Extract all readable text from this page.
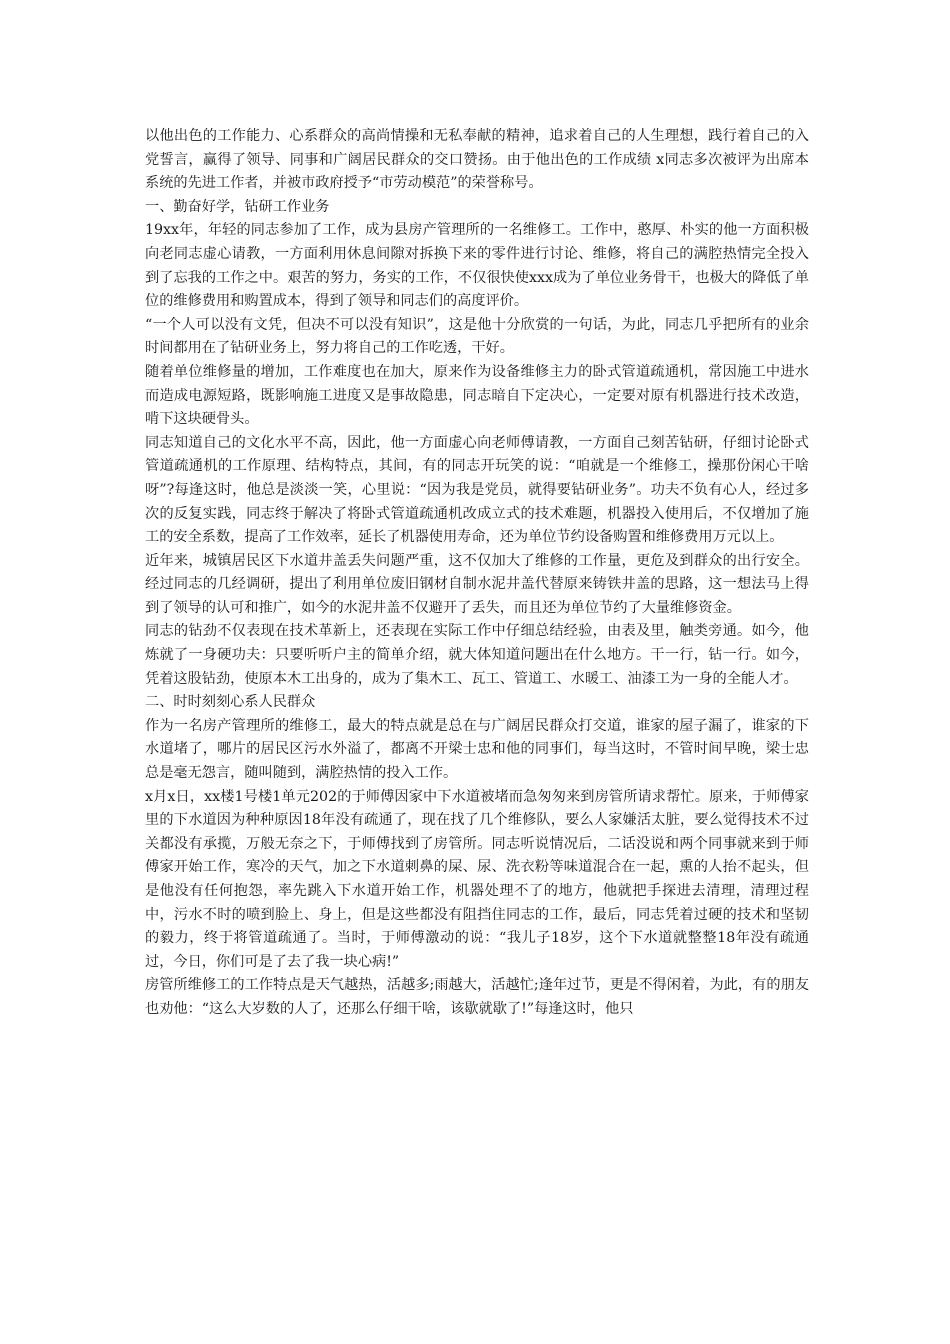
以他出色的工作能力、心系群众的高尚情操和无私奉献的精神，追求着自己的人生理想，践行着自己的入党誓言，赢得了领导、同事和广阔居民群众的交口赞扬。由于他出色的工作成绩 x同志多次被评为出席本系统的先进工作者，并被市政府授予“市劳动模范”的荣誉称号。

一、勤奋好学，钻研工作业务

19xx年，年轻的同志参加了工作，成为县房产管理所的一名维修工。工作中，憨厚、朴实的他一方面积极向老同志虚心请教，一方面利用休息间隙对拆换下来的零件进行讨论、维修，将自己的满腔热情完全投入到了忘我的工作之中。艰苦的努力，务实的工作，不仅很快使xxx成为了单位业务骨干，也极大的降低了单位的维修费用和购置成本，得到了领导和同志们的高度评价。

“一个人可以没有文凭，但决不可以没有知识”，这是他十分欣赏的一句话，为此，同志几乎把所有的业余时间都用在了钻研业务上，努力将自己的工作吃透，干好。

随着单位维修量的增加，工作难度也在加大，原来作为设备维修主力的卧式管道疏通机，常因施工中进水而造成电源短路，既影响施工进度又是事故隐患，同志暗自下定决心，一定要对原有机器进行技术改造，啃下这块硬骨头。

同志知道自己的文化水平不高，因此，他一方面虚心向老师傅请教，一方面自己刻苦钻研，仔细讨论卧式管道疏通机的工作原理、结构特点，其间，有的同志开玩笑的说：“咱就是一个维修工，操那份闲心干啥呀”?每逢这时，他总是淡淡一笑，心里说：“因为我是党员，就得要钻研业务”。功夫不负有心人，经过多次的反复实践，同志终于解决了将卧式管道疏通机改成立式的技术难题，机器投入使用后，不仅增加了施工的安全系数，提高了工作效率，延长了机器使用寿命，还为单位节约设备购置和维修费用万元以上。

近年来，城镇居民区下水道井盖丢失问题严重，这不仅加大了维修的工作量，更危及到群众的出行安全。经过同志的几经调研，提出了利用单位废旧钢材自制水泥井盖代替原来铸铁井盖的思路，这一想法马上得到了领导的认可和推广，如今的水泥井盖不仅避开了丢失，而且还为单位节约了大量维修资金。

同志的钻劲不仅表现在技术革新上，还表现在实际工作中仔细总结经验，由表及里，触类旁通。如今，他炼就了一身硬功夫：只要听听户主的简单介绍，就大体知道问题出在什么地方。干一行，钻一行。如今，凭着这股钻劲，使原本木工出身的，成为了集木工、瓦工、管道工、水暖工、油漆工为一身的全能人才。

二、时时刻刻心系人民群众

作为一名房产管理所的维修工，最大的特点就是总在与广阔居民群众打交道，谁家的屋子漏了，谁家的下水道堵了，哪片的居民区污水外溢了，都离不开梁士忠和他的同事们，每当这时，不管时间早晚，梁士忠总是毫无怨言，随叫随到，满腔热情的投入工作。

x月x日，xx楼1号楼1单元202的于师傅因家中下水道被堵而急匆匆来到房管所请求帮忙。原来，于师傅家里的下水道因为种种原因18年没有疏通了，现在找了几个维修队，要么人家嫌活太脏，要么觉得技术不过关都没有承揽，万般无奈之下，于师傅找到了房管所。同志听说情况后，二话没说和两个同事就来到于师傅家开始工作，寒冷的天气，加之下水道刺鼻的屎、尿、洗衣粉等味道混合在一起，熏的人抬不起头，但是他没有任何抱怨，率先跳入下水道开始工作，机器处理不了的地方，他就把手探进去清理，清理过程中，污水不时的喷到脸上、身上，但是这些都没有阻挡住同志的工作，最后，同志凭着过硬的技术和坚韧的毅力，终于将管道疏通了。当时，于师傅激动的说：“我儿子18岁，这个下水道就整整18年没有疏通过，今日，你们可是了去了我一块心病!”

房管所维修工的工作特点是天气越热，活越多;雨越大，活越忙;逢年过节，更是不得闲着，为此，有的朋友也劝他：“这么大岁数的人了，还那么仔细干啥，该歇就歇了!”每逢这时，他只
